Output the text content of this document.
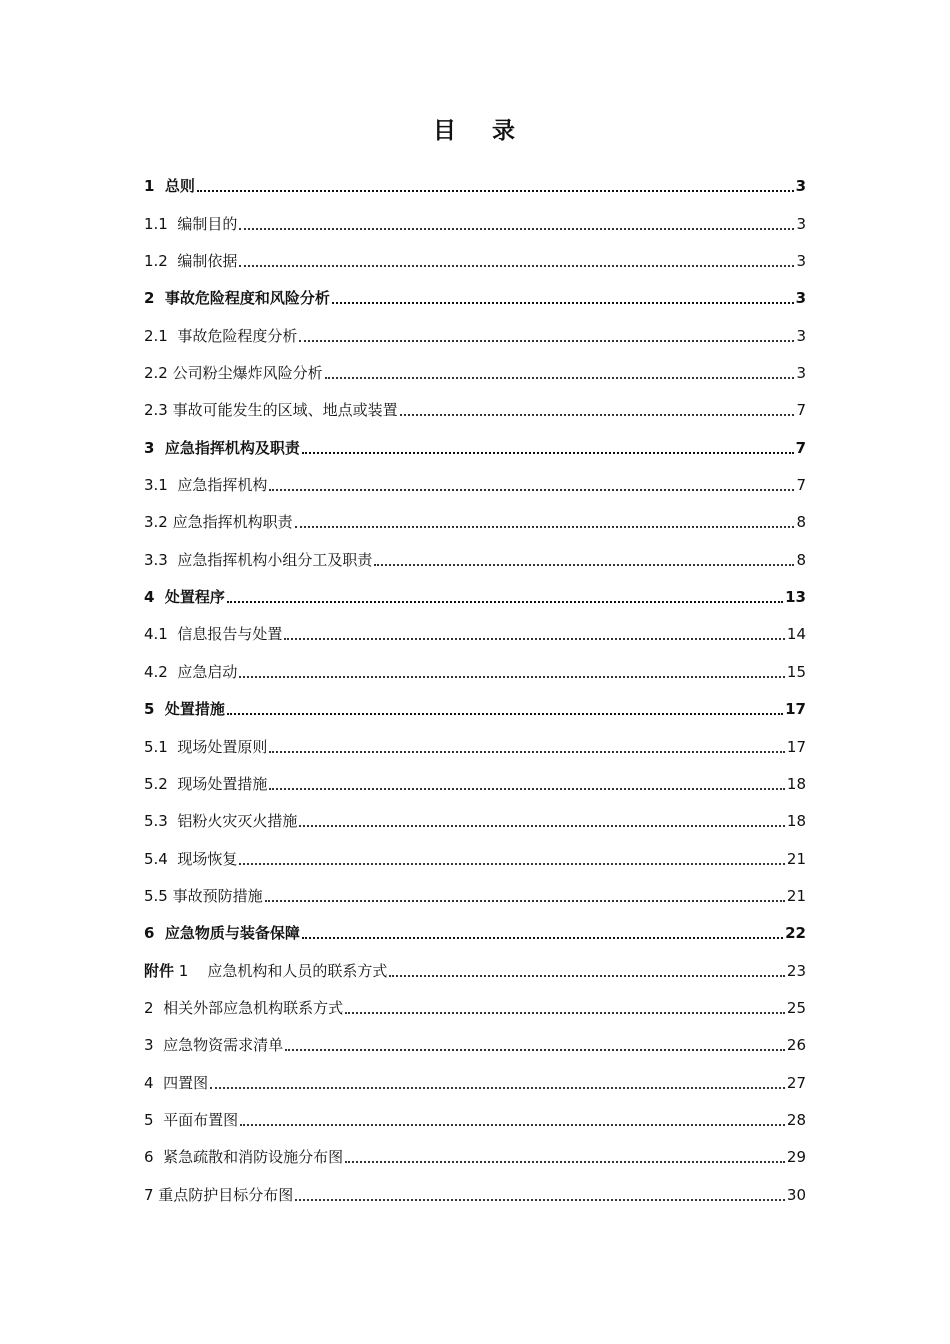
目 录
1  总则	3
1.1  编制目的	3
1.2  编制依据	3
2  事故危险程度和风险分析	3
2.1  事故危险程度分析	3
2.2 公司粉尘爆炸风险分析	3
2.3 事故可能发生的区域、地点或装置	7
3  应急指挥机构及职责	7
3.1  应急指挥机构	7
3.2 应急指挥机构职责	8
3.3  应急指挥机构小组分工及职责	8
4  处置程序	13
4.1  信息报告与处置	14
4.2  应急启动	15
5  处置措施	17
5.1  现场处置原则	17
5.2  现场处置措施	18
5.3  铝粉火灾灭火措施	18
5.4  现场恢复	21
5.5 事故预防措施	21
6  应急物质与装备保障	22
附件 1    应急机构和人员的联系方式	23
2  相关外部应急机构联系方式	25
3  应急物资需求清单	26
4  四置图	27
5  平面布置图	28
6  紧急疏散和消防设施分布图	29
7 重点防护目标分布图	30
